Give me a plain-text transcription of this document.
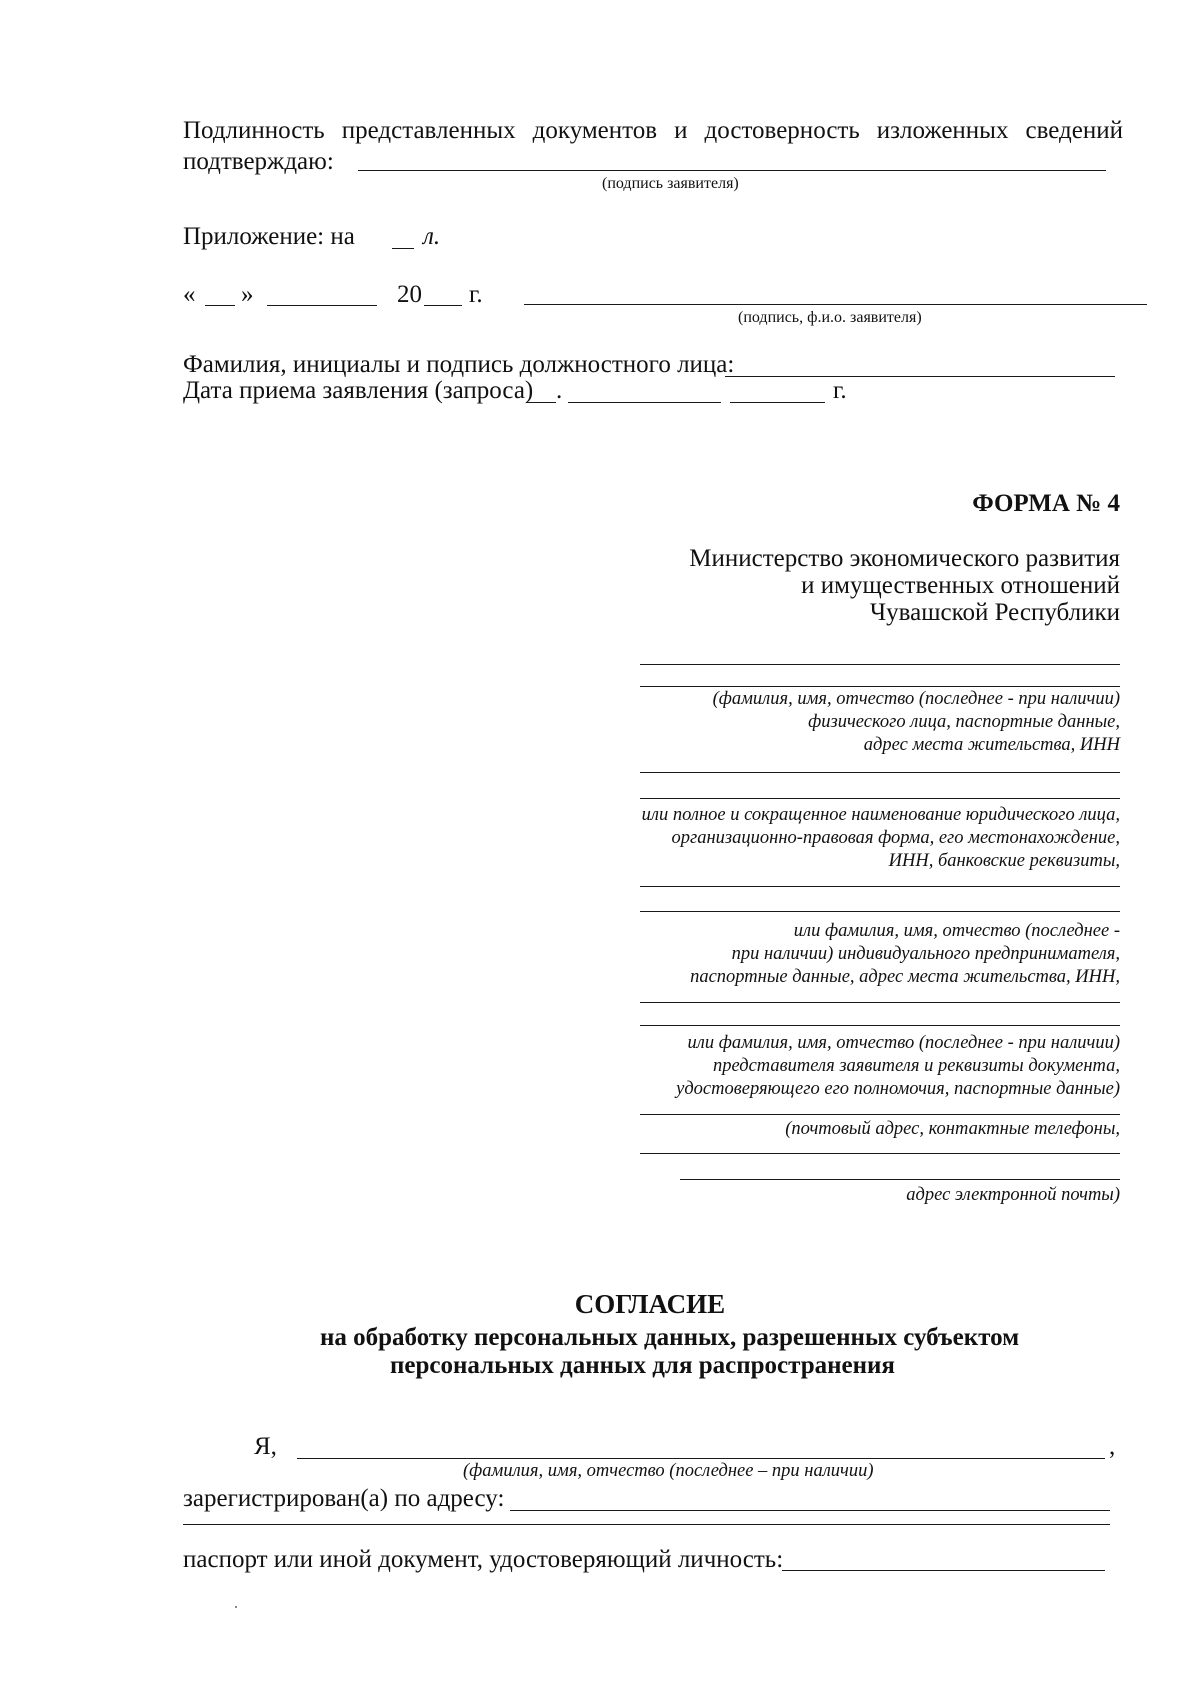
Подлинность представленных документов и достоверность изложенных сведений
подтверждаю:
(подпись заявителя)
Приложение: на	л.
« »	20 г.
(подпись, ф.и.о. заявителя)
Фамилия, инициалы и подпись должностного лица:
Дата приема заявления (запроса) .	г.
ФОРМА № 4
Министерство экономического развития
и имущественных отношений
Чувашской Республики
(фамилия, имя, отчество (последнее - при наличии)
физического лица, паспортные данные,
адрес места жительства, ИНН
или полное и сокращенное наименование юридического лица,
организационно-правовая форма, его местонахождение,
ИНН, банковские реквизиты,
или фамилия, имя, отчество (последнее -
при наличии) индивидуального предпринимателя,
паспортные данные, адрес места жительства, ИНН,
или фамилия, имя, отчество (последнее - при наличии)
представителя заявителя и реквизиты документа,
удостоверяющего его полномочия, паспортные данные)
(почтовый адрес, контактные телефоны,
адрес электронной почты)
СОГЛАСИЕ
на обработку персональных данных, разрешенных субъектом
персональных данных для распространения
Я,	,
(фамилия, имя, отчество (последнее – при наличии)
зарегистрирован(а) по адресу:
паспорт или иной документ, удостоверяющий личность:
